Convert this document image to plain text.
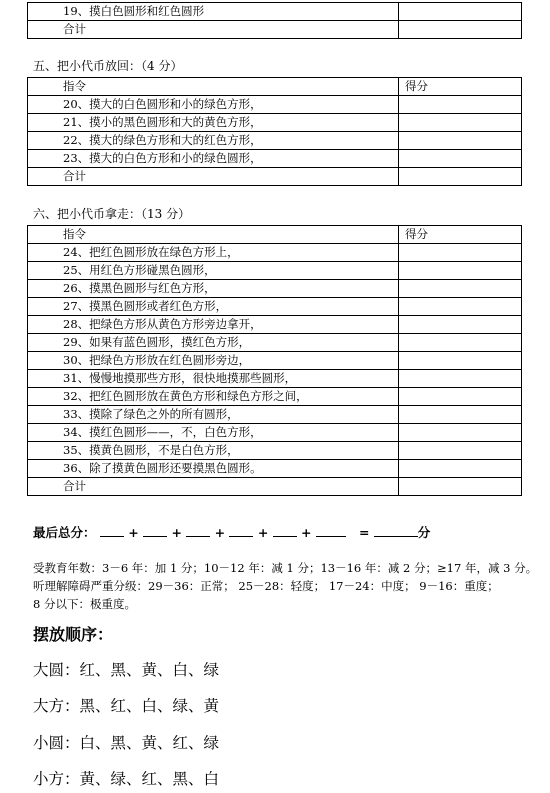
19、摸白色圆形和红色圆形	
合计	
五、把小代币放回：（4 分）
指令	得分
20、摸大的白色圆形和小的绿色方形，	
21、摸小的黑色圆形和大的黄色方形，	
22、摸大的绿色方形和大的红色方形，	
23、摸大的白色方形和小的绿色圆形，	
合计	
六、把小代币拿走：（13 分）
指令	得分
24、把红色圆形放在绿色方形上，	
25、用红色方形碰黑色圆形，	
26、摸黑色圆形与红色方形，	
27、摸黑色圆形或者红色方形，	
28、把绿色方形从黄色方形旁边拿开，	
29、如果有蓝色圆形，摸红色方形，	
30、把绿色方形放在红色圆形旁边，	
31、慢慢地摸那些方形，很快地摸那些圆形，	
32、把红色圆形放在黄色方形和绿色方形之间，	
33、摸除了绿色之外的所有圆形，	
34、摸红色圆形——，不，白色方形，	
35、摸黄色圆形，不是白色方形，	
36、除了摸黄色圆形还要摸黑色圆形。	
合计	
最后总分：	+	+	+	+	+	=	分
受教育年数：3－6 年：加 1 分；10－12 年：减 1 分；13－16 年：减 2 分；≥17 年，减 3 分。
听理解障碍严重分级：29－36：正常； 25－28：轻度； 17－24：中度； 9－16：重度；
8 分以下：极重度。
摆放顺序：
大圆：红、黑、黄、白、绿
大方：黑、红、白、绿、黄
小圆：白、黑、黄、红、绿
小方：黄、绿、红、黑、白
